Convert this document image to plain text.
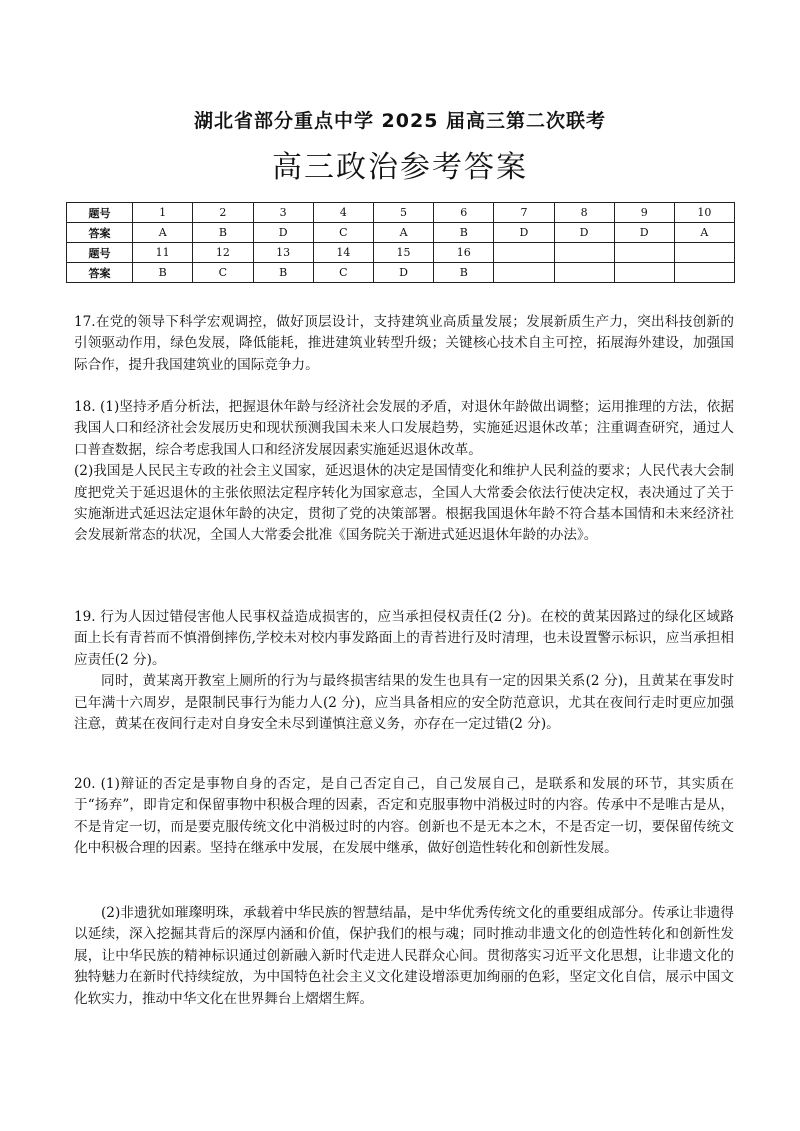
湖北省部分重点中学 2025 届高三第二次联考
高三政治参考答案
题号	1	2	3	4	5	6	7	8	9	10
答案	A	B	D	C	A	B	D	D	D	A
题号	11	12	13	14	15	16				
答案	B	C	B	C	D	B				

17.在党的领导下科学宏观调控，做好顶层设计，支持建筑业高质量发展；发展新质生产力，突出科技创新的引领驱动作用，绿色发展，降低能耗，推进建筑业转型升级；关键核心技术自主可控，拓展海外建设，加强国际合作，提升我国建筑业的国际竞争力。

18. (1)坚持矛盾分析法，把握退休年龄与经济社会发展的矛盾，对退休年龄做出调整；运用推理的方法，依据我国人口和经济社会发展历史和现状预测我国未来人口发展趋势，实施延迟退休改革；注重调查研究，通过人口普查数据，综合考虑我国人口和经济发展因素实施延迟退休改革。

(2)我国是人民民主专政的社会主义国家，延迟退休的决定是国情变化和维护人民利益的要求；人民代表大会制度把党关于延迟退休的主张依照法定程序转化为国家意志，全国人大常委会依法行使决定权，表决通过了关于实施渐进式延迟法定退休年龄的决定，贯彻了党的决策部署。根据我国退休年龄不符合基本国情和未来经济社会发展新常态的状况，全国人大常委会批准《国务院关于渐进式延迟退休年龄的办法》。

19. 行为人因过错侵害他人民事权益造成损害的，应当承担侵权责任(2 分)。在校的黄某因路过的绿化区域路面上长有青苔而不慎滑倒摔伤,学校未对校内事发路面上的青苔进行及时清理，也未设置警示标识，应当承担相应责任(2 分)。

同时，黄某离开教室上厕所的行为与最终损害结果的发生也具有一定的因果关系(2 分)，且黄某在事发时已年满十六周岁，是限制民事行为能力人(2 分)，应当具备相应的安全防范意识，尤其在夜间行走时更应加强注意，黄某在夜间行走对自身安全未尽到谨慎注意义务，亦存在一定过错(2 分)。

20. (1)辩证的否定是事物自身的否定，是自己否定自己，自己发展自己，是联系和发展的环节，其实质在于“扬弃”，即肯定和保留事物中积极合理的因素，否定和克服事物中消极过时的内容。传承中不是唯古是从，不是肯定一切，而是要克服传统文化中消极过时的内容。创新也不是无本之木，不是否定一切，要保留传统文化中积极合理的因素。坚持在继承中发展，在发展中继承，做好创造性转化和创新性发展。

(2)非遗犹如璀璨明珠，承载着中华民族的智慧结晶，是中华优秀传统文化的重要组成部分。传承让非遗得以延续，深入挖掘其背后的深厚内涵和价值，保护我们的根与魂；同时推动非遗文化的创造性转化和创新性发展，让中华民族的精神标识通过创新融入新时代走进人民群众心间。贯彻落实习近平文化思想，让非遗文化的独特魅力在新时代持续绽放，为中国特色社会主义文化建设增添更加绚丽的色彩，坚定文化自信，展示中国文化软实力，推动中华文化在世界舞台上熠熠生辉。
